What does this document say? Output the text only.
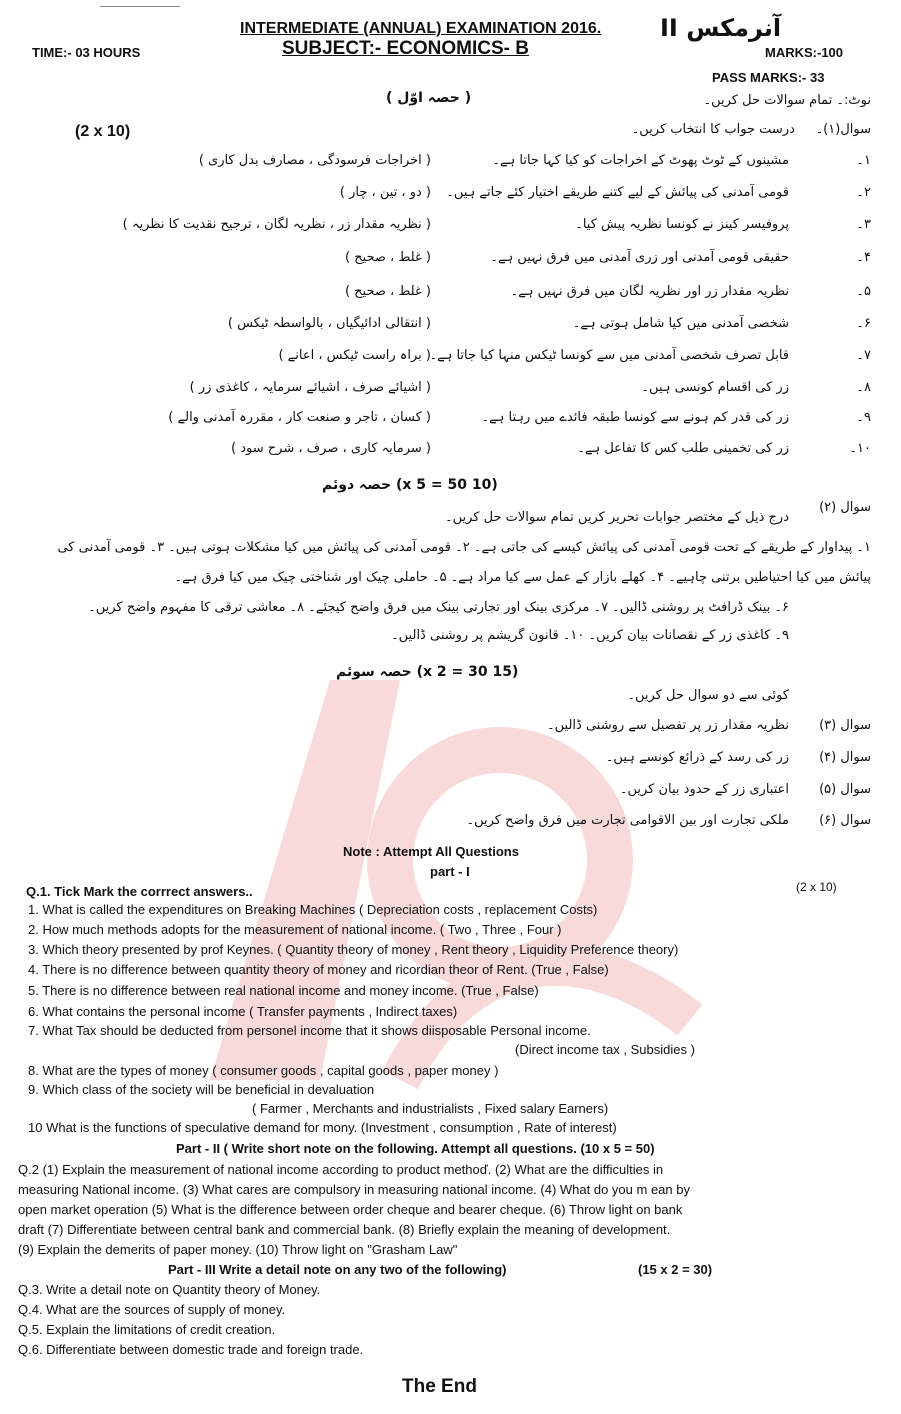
INTERMEDIATE (ANNUAL) EXAMINATION 2016. آنرمکس II
SUBJECT:- ECONOMICS- B
TIME:- 03 HOURS	MARKS:-100
PASS MARKS:- 33
( حصہ اوّل )	نوٹ:۔ تمام سوالات حل کریں۔
سوال(۱)۔     درست جواب کا انتخاب کریں۔
(2 x 10)
۱۔
مشینوں کے ٹوٹ پھوٹ کے اخراجات کو کیا کہا جاتا ہے۔
( اخراجات فرسودگی ، مصارف بدل کاری )
۲۔
قومی آمدنی کی پیائش کے لیے کتنے طریقے اختیار کئے جاتے ہیں۔
( دو ، تین ، چار )
۳۔
پروفیسر کینز نے کونسا نظریہ پیش کیا۔
( نظریہ مقدار زر ، نظریہ لگان ، ترجیح نقدیت کا نظریہ )
۴۔
حقیقی قومی آمدنی اور زری آمدنی میں فرق نہیں ہے۔
( غلط ، صحیح )
۵۔
نظریہ مقدار زر اور نظریہ لگان میں فرق نہیں ہے۔
( غلط ، صحیح )
۶۔
شخصی آمدنی میں کیا شامل ہوتی ہے۔
( انتقالی ادائیگیاں ، بالواسطہ ٹیکس )
۷۔
قابل تصرف شخصی آمدنی میں سے کونسا ٹیکس منہا کیا جاتا ہے۔
( براہ راست ٹیکس ، اعانے )
۸۔
زر کی اقسام کونسی ہیں۔
( اشیائے صرف ، اشیائے سرمایہ ، کاغذی زر )
۹۔
زر کی قدر کم ہونے سے کونسا طبقہ فائدے میں رہتا ہے۔
( کسان ، تاجر و صنعت کار ، مقررہ آمدنی والے )
۱۰۔
زر کی تخمینی طلب کس کا تفاعل ہے۔
( سرمایہ کاری ، صرف ، شرح سود )
(10 x 5 = 50) حصہ دوئم
سوال (۲)
درج ذیل کے مختصر جوابات تحریر کریں تمام سوالات حل کریں۔
۱۔ پیداوار کے طریقے کے تحت قومی آمدنی کی پیائش کیسے کی جاتی ہے۔ ۲۔ قومی آمدنی کی پیائش میں کیا مشکلات ہوتی ہیں۔ ۳۔ قومی آمدنی کی
پیائش میں کیا احتیاطیں برتنی چاہیے۔ ۴۔ کھلے بازار کے عمل سے کیا مراد ہے۔ ۵۔ حاملی چیک اور شناختی چیک میں کیا فرق ہے۔
۶۔ بینک ڈرافٹ پر روشنی ڈالیں۔ ۷۔ مرکزی بینک اور تجارتی بینک میں فرق واضح کیجئے۔ ۸۔ معاشی ترقی کا مفہوم واضح کریں۔
۹۔ کاغذی زر کے نقصانات بیان کریں۔ ۱۰۔ قانون گریشم پر روشنی ڈالیں۔
(15 x 2 = 30) حصہ سوئم
کوئی سے دو سوال حل کریں۔
سوال (۳)
نظریہ مقدار زر پر تفصیل سے روشنی ڈالیں۔
سوال (۴)
زر کی رسد کے ذرائع کونسے ہیں۔
سوال (۵)
اعتباری زر کے حدود بیان کریں۔
سوال (۶)
ملکی تجارت اور بین الاقوامی تجارت میں فرق واضح کریں۔
Note : Attempt All Questions
part - I
Q.1. Tick Mark the corrrect answers..	(2 x 10)
1. What is called the expenditures on Breaking Machines ( Depreciation costs , replacement Costs)
2. How much methods adopts for the measurement of national income. ( Two , Three , Four )
3. Which theory presented by prof Keynes. ( Quantity theory of money , Rent theory , Liquidity Preference theory)
4. There is no difference between quantity theory of money and ricordian theor of Rent. (True , False)
5. There is no difference between real national income and money income. (True , False)
6. What contains the personal income ( Transfer payments , Indirect taxes)
7. What Tax should be deducted from personel income that it shows diisposable Personal income.
(Direct income tax , Subsidies )
8. What are the types of money ( consumer goods , capital goods , paper money )
9. Which class of the society will be beneficial in devaluation
( Farmer , Merchants and industrialists , Fixed salary Earners)
10 What is the functions of speculative demand for mony. (Investment , consumption , Rate of interest)
Part - II ( Write short note on the following. Attempt all questions. (10 x 5 = 50)
Q.2 (1) Explain the measurement of national income according to product methoď. (2) What are the difficulties in
measuring National income. (3) What cares are compulsory in measuring national income. (4) What do you m ean by
open market operation (5) What is the difference between order cheque and bearer cheque. (6) Throw light on bank
draft (7) Differentiate between central bank and commercial bank. (8) Briefly explain the meaning of development.
(9) Explain the demerits of paper money. (10) Throw light on "Grasham Law"
Part - III Write a detail note on any two of the following)	(15 x 2 = 30)
Q.3. Write a detail note on Quantity theory of Money.
Q.4. What are the sources of supply of money.
Q.5. Explain the limitations of credit creation.
Q.6. Differentiate between domestic trade and foreign trade.
The End
